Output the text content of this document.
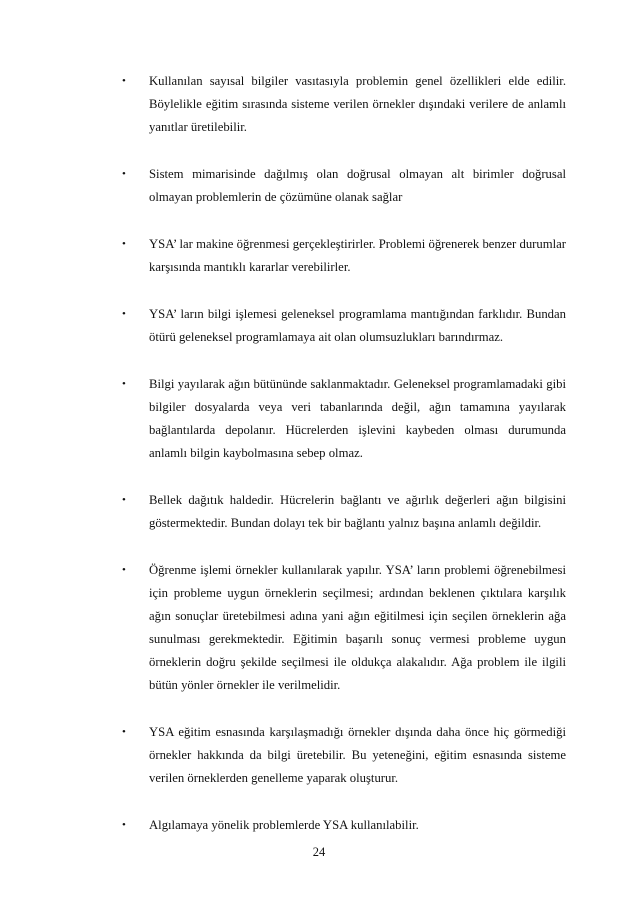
• Kullanılan sayısal bilgiler vasıtasıyla problemin genel özellikleri elde edilir. Böylelikle eğitim sırasında sisteme verilen örnekler dışındaki verilere de anlamlı yanıtlar üretilebilir.
• Sistem mimarisinde dağılmış olan doğrusal olmayan alt birimler doğrusal olmayan problemlerin de çözümüne olanak sağlar
• YSA’ lar makine öğrenmesi gerçekleştirirler. Problemi öğrenerek benzer durumlar karşısında mantıklı kararlar verebilirler.
• YSA’ ların bilgi işlemesi geleneksel programlama mantığından farklıdır. Bundan ötürü geleneksel programlamaya ait olan olumsuzlukları barındırmaz.
• Bilgi yayılarak ağın bütününde saklanmaktadır. Geleneksel programlamadaki gibi bilgiler dosyalarda veya veri tabanlarında değil, ağın tamamına yayılarak bağlantılarda depolanır. Hücrelerden işlevini kaybeden olması durumunda anlamlı bilgin kaybolmasına sebep olmaz.
• Bellek dağıtık haldedir. Hücrelerin bağlantı ve ağırlık değerleri ağın bilgisini göstermektedir. Bundan dolayı tek bir bağlantı yalnız başına anlamlı değildir.
• Öğrenme işlemi örnekler kullanılarak yapılır. YSA’ ların problemi öğrenebilmesi için probleme uygun örneklerin seçilmesi; ardından beklenen çıktılara karşılık ağın sonuçlar üretebilmesi adına yani ağın eğitilmesi için seçilen örneklerin ağa sunulması gerekmektedir. Eğitimin başarılı sonuç vermesi probleme uygun örneklerin doğru şekilde seçilmesi ile oldukça alakalıdır. Ağa problem ile ilgili bütün yönler örnekler ile verilmelidir.
• YSA eğitim esnasında karşılaşmadığı örnekler dışında daha önce hiç görmediği örnekler hakkında da bilgi üretebilir. Bu yeteneğini, eğitim esnasında sisteme verilen örneklerden genelleme yaparak oluşturur.
• Algılamaya yönelik problemlerde YSA kullanılabilir.
24
